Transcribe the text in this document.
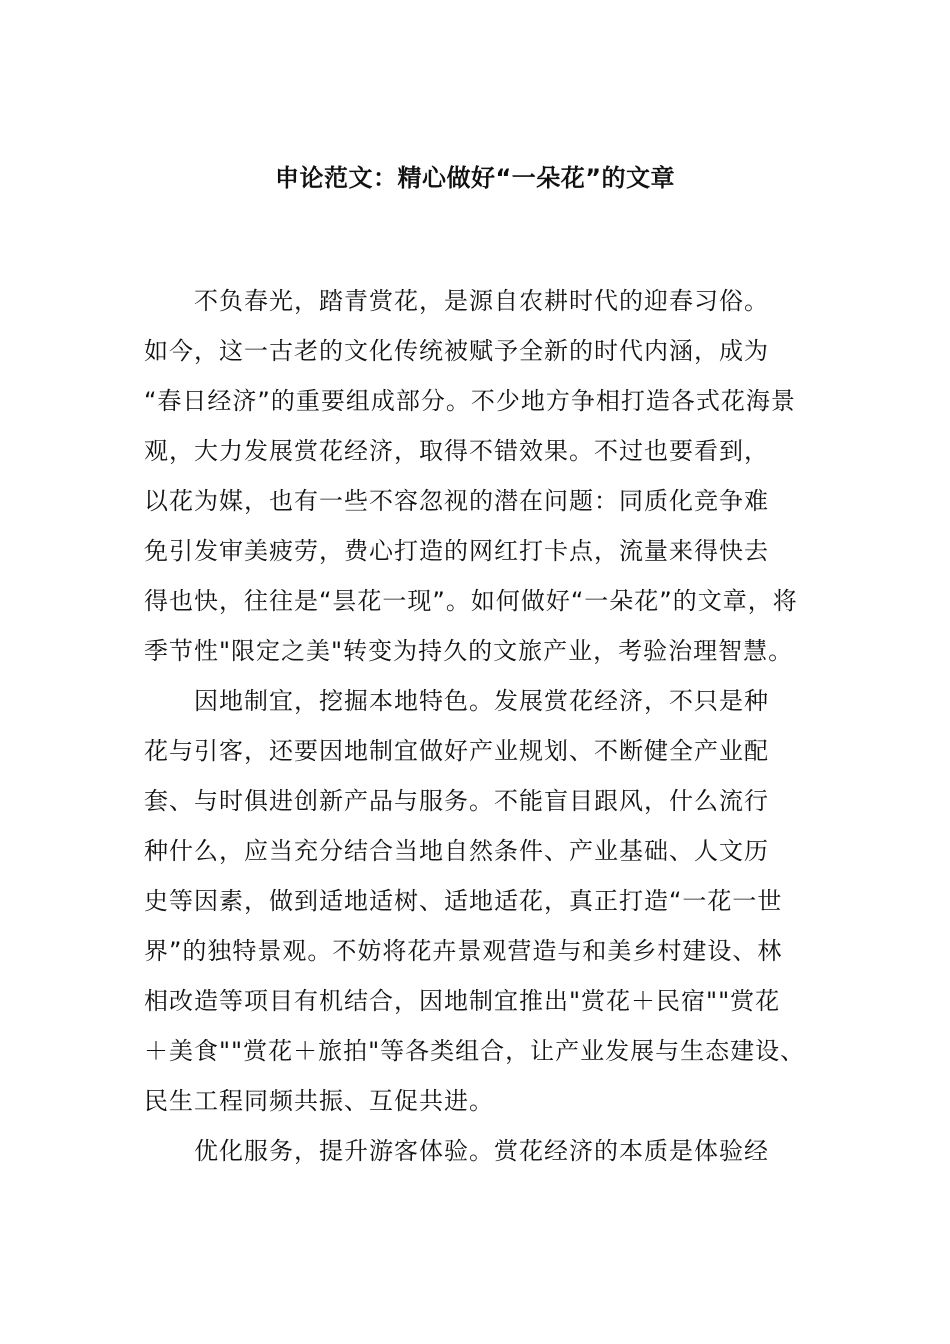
申论范文：精心做好“一朵花”的文章
　　不负春光，踏青赏花，是源自农耕时代的迎春习俗。
如今，这一古老的文化传统被赋予全新的时代内涵，成为
“春日经济”的重要组成部分。不少地方争相打造各式花海景
观，大力发展赏花经济，取得不错效果。不过也要看到，
以花为媒，也有一些不容忽视的潜在问题：同质化竞争难
免引发审美疲劳，费心打造的网红打卡点，流量来得快去
得也快，往往是“昙花一现”。如何做好“一朵花”的文章，将
季节性"限定之美"转变为持久的文旅产业，考验治理智慧。
　　因地制宜，挖掘本地特色。发展赏花经济，不只是种
花与引客，还要因地制宜做好产业规划、不断健全产业配
套、与时俱进创新产品与服务。不能盲目跟风，什么流行
种什么，应当充分结合当地自然条件、产业基础、人文历
史等因素，做到适地适树、适地适花，真正打造“一花一世
界”的独特景观。不妨将花卉景观营造与和美乡村建设、林
相改造等项目有机结合，因地制宜推出"赏花＋民宿""赏花
＋美食""赏花＋旅拍"等各类组合，让产业发展与生态建设、
民生工程同频共振、互促共进。
　　优化服务，提升游客体验。赏花经济的本质是体验经
